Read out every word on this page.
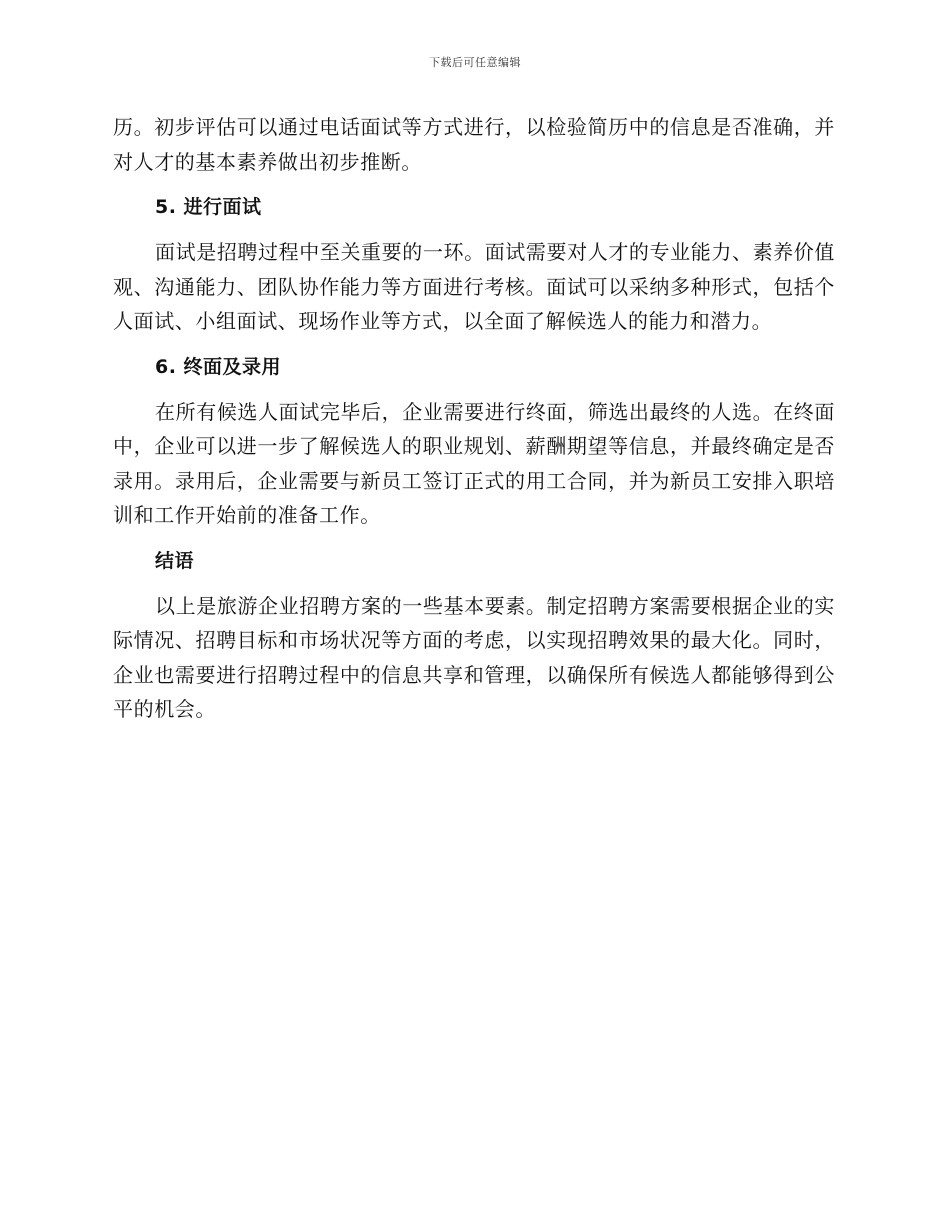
下载后可任意编辑

历。初步评估可以通过电话面试等方式进行，以检验简历中的信息是否准确，并对人才的基本素养做出初步推断。

5. 进行面试

面试是招聘过程中至关重要的一环。面试需要对人才的专业能力、素养价值观、沟通能力、团队协作能力等方面进行考核。面试可以采纳多种形式，包括个人面试、小组面试、现场作业等方式，以全面了解候选人的能力和潜力。

6. 终面及录用

在所有候选人面试完毕后，企业需要进行终面，筛选出最终的人选。在终面中，企业可以进一步了解候选人的职业规划、薪酬期望等信息，并最终确定是否录用。录用后，企业需要与新员工签订正式的用工合同，并为新员工安排入职培训和工作开始前的准备工作。

结语

以上是旅游企业招聘方案的一些基本要素。制定招聘方案需要根据企业的实际情况、招聘目标和市场状况等方面的考虑，以实现招聘效果的最大化。同时，企业也需要进行招聘过程中的信息共享和管理，以确保所有候选人都能够得到公平的机会。
